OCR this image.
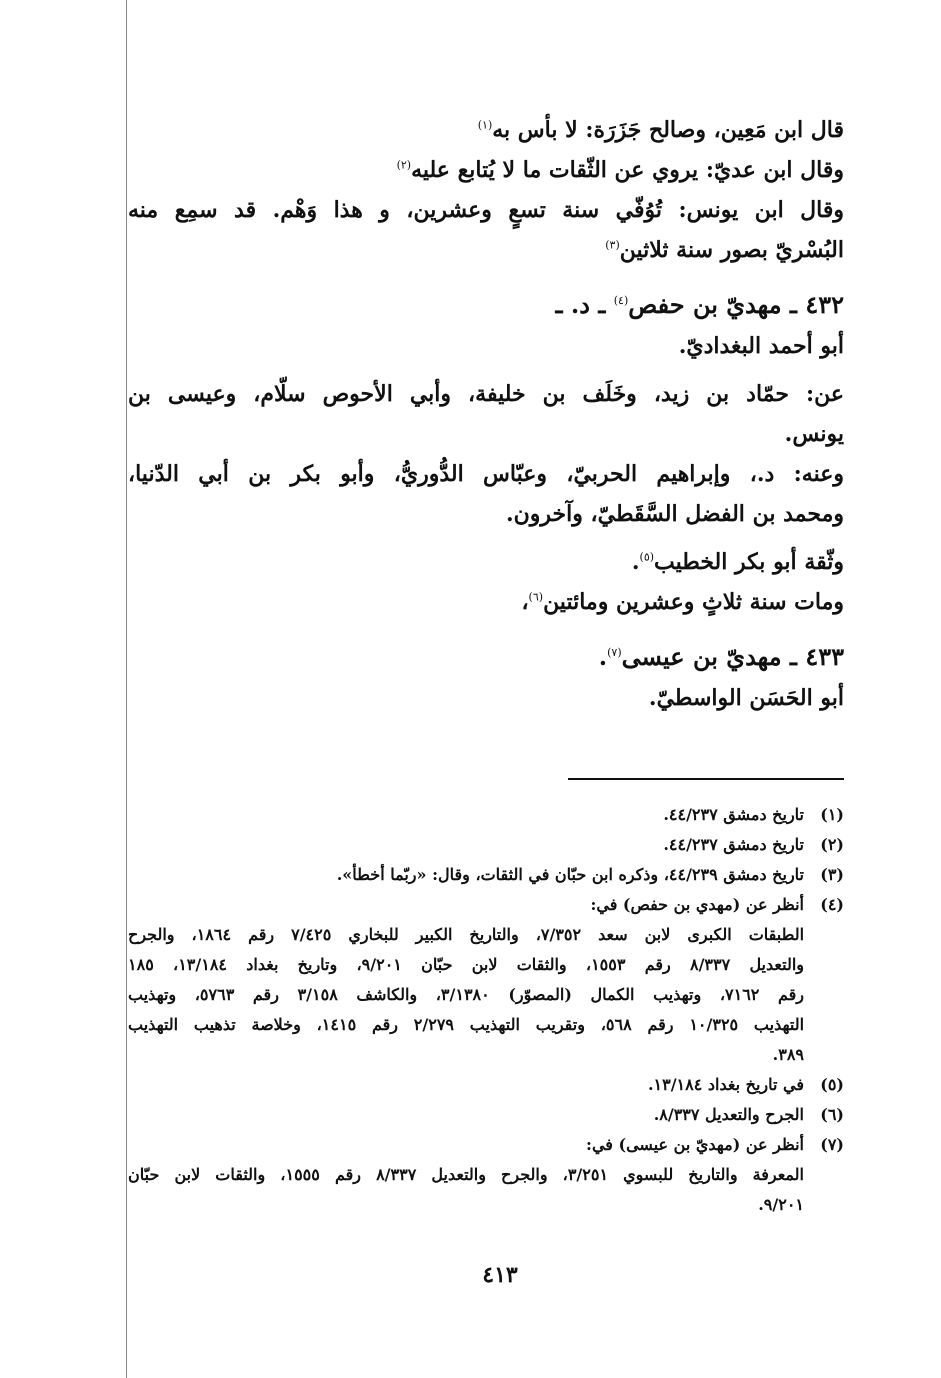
قال ابن مَعِين، وصالح جَزَرَة: لا بأس به$^{(١)}$

وقال ابن عديّ: يروي عن الثّقات ما لا يُتابع عليه$^{(٢)}$

وقال ابن يونس: تُوُفّي سنة تسعٍ وعشرين، و هذا وَهْم. قد سمِع منه

البُسْريّ بصور سنة ثلاثين$^{(٣)}$

٤٣٢ ـ مهديّ بن حفص$^{(٤)}$ ـ د. ـ

أبو أحمد البغداديّ.

عن: حمّاد بن زيد، وخَلَف بن خليفة، وأبي الأحوص سلّام، وعيسى بن

يونس.

وعنه: د.، وإبراهيم الحربيّ، وعبّاس الدُّوريُّ، وأبو بكر بن أبي الدّنيا،

ومحمد بن الفضل السَّقَطيّ، وآخرون.

وثّقة أبو بكر الخطيب$^{(٥)}$.

ومات سنة ثلاثٍ وعشرين ومائتين$^{(٦)}$،

٤٣٣ ـ مهديّ بن عيسى$^{(٧)}$.

أبو الحَسَن الواسطيّ.

(١)
تاريخ دمشق ٤٤/٢٣٧.
(٢)
تاريخ دمشق ٤٤/٢٣٧.
(٣)
تاريخ دمشق ٤٤/٢٣٩، وذكره ابن حبّان في الثقات، وقال: «ربّما أخطأ».
(٤)
أنظر عن (مهدي بن حفص) في:
الطبقات الكبرى لابن سعد ٧/٣٥٢، والتاريخ الكبير للبخاري ٧/٤٢٥ رقم ١٨٦٤، والجرح
والتعديل ٨/٣٣٧ رقم ١٥٥٣، والثقات لابن حبّان ٩/٢٠١، وتاريخ بغداد ١٣/١٨٤، ١٨٥
رقم ٧١٦٢، وتهذيب الكمال (المصوّر) ٣/١٣٨٠، والكاشف ٣/١٥٨ رقم ٥٧٦٣، وتهذيب
التهذيب ١٠/٣٢٥ رقم ٥٦٨، وتقريب التهذيب ٢/٢٧٩ رقم ١٤١٥، وخلاصة تذهيب التهذيب
٣٨٩.
(٥)
في تاريخ بغداد ١٣/١٨٤.
(٦)
الجرح والتعديل ٨/٣٣٧.
(٧)
أنظر عن (مهديّ بن عيسى) في:
المعرفة والتاريخ للبسوي ٣/٢٥١، والجرح والتعديل ٨/٣٣٧ رقم ١٥٥٥، والثقات لابن حبّان
٩/٢٠١.
٤١٣
